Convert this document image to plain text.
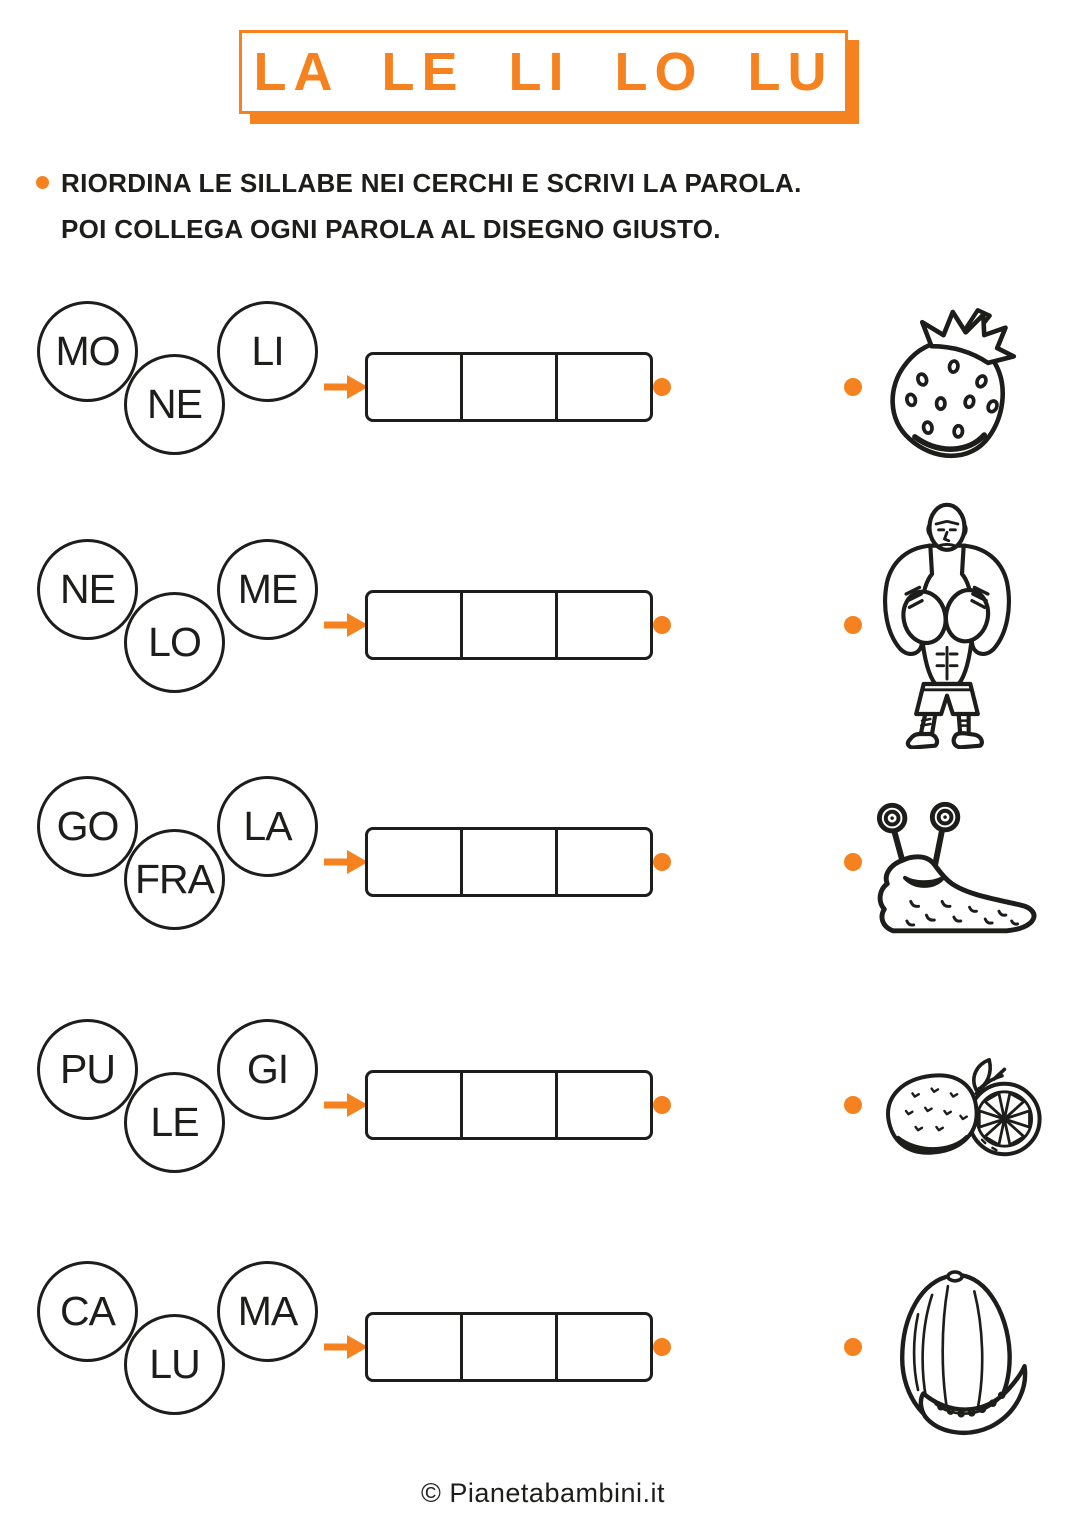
LA LE LI LO LU
RIORDINA LE SILLABE NEI CERCHI E SCRIVI LA PAROLA.
POI COLLEGA OGNI PAROLA AL DISEGNO GIUSTO.
MO
NE
LI
NE
LO
ME
GO
FRA
LA
PU
LE
GI
CA
LU
MA
© Pianetabambini.it
